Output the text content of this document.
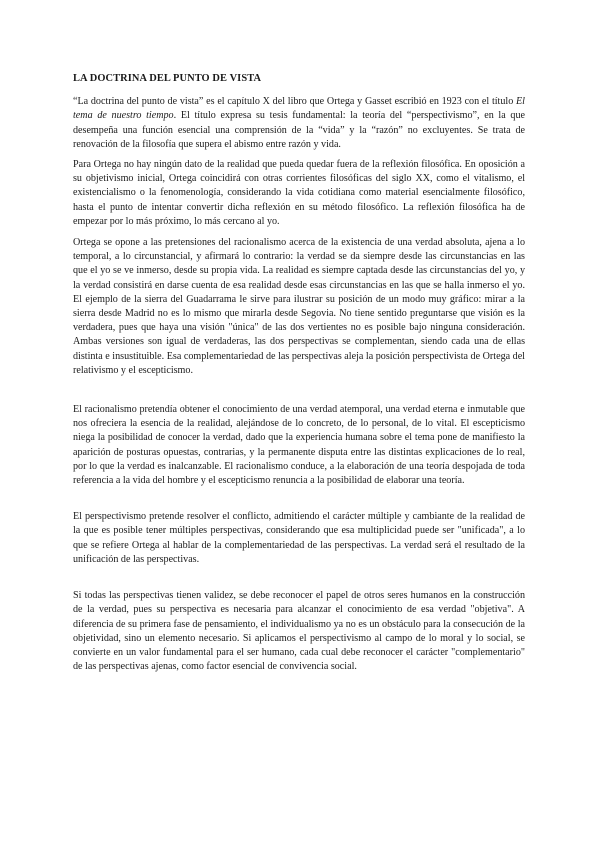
LA DOCTRINA DEL PUNTO DE VISTA

“La doctrina del punto de vista” es el capítulo X del libro que Ortega y Gasset escribió en 1923 con el título El tema de nuestro tiempo. El título expresa su tesis fundamental: la teoría del “perspectivismo”, en la que desempeña una función esencial una comprensión de la “vida” y la “razón” no excluyentes. Se trata de renovación de la filosofía que supera el abismo entre razón y vida.

Para Ortega no hay ningún dato de la realidad que pueda quedar fuera de la reflexión filosófica. En oposición a su objetivismo inicial, Ortega coincidirá con otras corrientes filosóficas del siglo XX, como el vitalismo, el existencialismo o la fenomenología, considerando la vida cotidiana como material esencialmente filosófico, hasta el punto de intentar convertir dicha reflexión en su método filosófico. La reflexión filosófica ha de empezar por lo más próximo, lo más cercano al yo.

Ortega se opone a las pretensiones del racionalismo acerca de la existencia de una verdad absoluta, ajena a lo temporal, a lo circunstancial, y afirmará lo contrario: la verdad se da siempre desde las circunstancias en las que el yo se ve inmerso, desde su propia vida. La realidad es siempre captada desde las circunstancias del yo, y la verdad consistirá en darse cuenta de esa realidad desde esas circunstancias en las que se halla inmerso el yo. El ejemplo de la sierra del Guadarrama le sirve para ilustrar su posición de un modo muy gráfico: mirar a la sierra desde Madrid no es lo mismo que mirarla desde Segovia. No tiene sentido preguntarse que visión es la verdadera, pues que haya una visión "única" de las dos vertientes no es posible bajo ninguna consideración. Ambas versiones son igual de verdaderas, las dos perspectivas se complementan, siendo cada una de ellas distinta e insustituible. Esa complementariedad de las perspectivas aleja la posición perspectivista de Ortega del relativismo y el escepticismo.

El racionalismo pretendía obtener el conocimiento de una verdad atemporal, una verdad eterna e inmutable que nos ofreciera la esencia de la realidad, alejándose de lo concreto, de lo personal, de lo vital. El escepticismo niega la posibilidad de conocer la verdad, dado que la experiencia humana sobre el tema pone de manifiesto la aparición de posturas opuestas, contrarias, y la permanente disputa entre las distintas explicaciones de lo real, por lo que la verdad es inalcanzable. El racionalismo conduce, a la elaboración de una teoría despojada de toda referencia a la vida del hombre y el escepticismo renuncia a la posibilidad de elaborar una teoría.

El perspectivismo pretende resolver el conflicto, admitiendo el carácter múltiple y cambiante de la realidad de la que es posible tener múltiples perspectivas, considerando que esa multiplicidad puede ser "unificada", a lo que se refiere Ortega al hablar de la complementariedad de las perspectivas. La verdad será el resultado de la unificación de las perspectivas.

Si todas las perspectivas tienen validez, se debe reconocer el papel de otros seres humanos en la construcción de la verdad, pues su perspectiva es necesaria para alcanzar el conocimiento de esa verdad "objetiva". A diferencia de su primera fase de pensamiento, el individualismo ya no es un obstáculo para la consecución de la objetividad, sino un elemento necesario. Si aplicamos el perspectivismo al campo de lo moral y lo social, se convierte en un valor fundamental para el ser humano, cada cual debe reconocer el carácter "complementario" de las perspectivas ajenas, como factor esencial de convivencia social.
